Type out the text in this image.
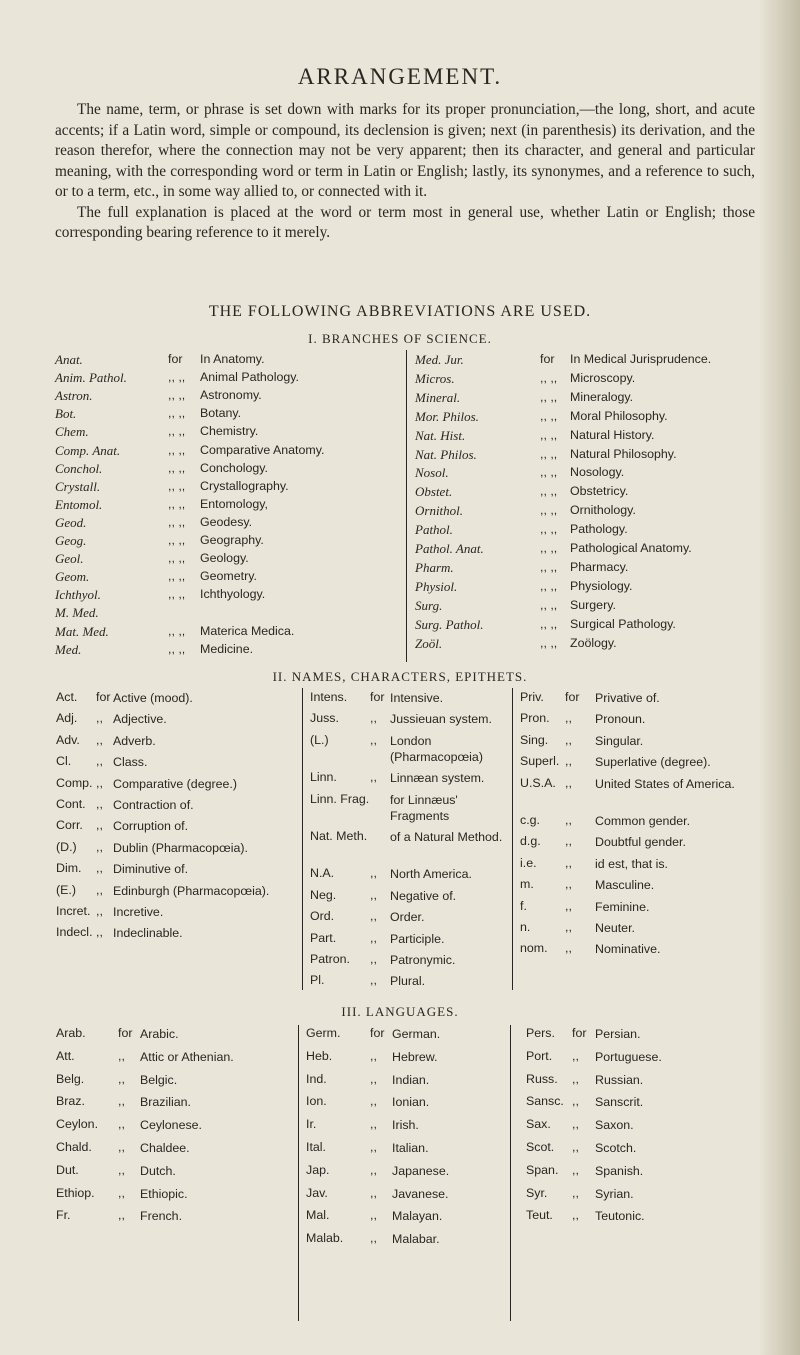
ARRANGEMENT.

The name, term, or phrase is set down with marks for its proper pronunciation,—the long, short, and acute accents; if a Latin word, simple or compound, its declension is given; next (in parenthesis) its derivation, and the reason therefor, where the connection may not be very apparent; then its character, and general and particular meaning, with the corresponding word or term in Latin or English; lastly, its synonymes, and a reference to such, or to a term, etc., in some way allied to, or connected with it.

The full explanation is placed at the word or term most in general use, whether Latin or English; those corresponding bearing reference to it merely.

THE FOLLOWING ABBREVIATIONS ARE USED.
I. BRANCHES OF SCIENCE.
Anat.	for In Anatomy.
Anim. Pathol.	,, ,, Animal Pathology.
Astron.	,, ,, Astronomy.
Bot.	,, ,, Botany.
Chem.	,, ,, Chemistry.
Comp. Anat.	,, ,, Comparative Anatomy.
Conchol.	,, ,, Conchology.
Crystall.	,, ,, Crystallography.
Entomol.	,, ,, Entomology,
Geod.	,, ,, Geodesy.
Geog.	,, ,, Geography.
Geol.	,, ,, Geology.
Geom.	,, ,, Geometry.
Ichthyol.	,, ,, Ichthyology.
M. Med.
Mat. Med.	,, ,, Materica Medica.
Med.	,, ,, Medicine.
Med. Jur.	for In Medical Jurisprudence.
Micros.	,, ,, Microscopy.
Mineral.	,, ,, Mineralogy.
Mor. Philos.	,, ,, Moral Philosophy.
Nat. Hist.	,, ,, Natural History.
Nat. Philos.	,, ,, Natural Philosophy.
Nosol.	,, ,, Nosology.
Obstet.	,, ,, Obstetricy.
Ornithol.	,, ,, Ornithology.
Pathol.	,, ,, Pathology.
Pathol. Anat.	,, ,, Pathological Anatomy.
Pharm.	,, ,, Pharmacy.
Physiol.	,, ,, Physiology.
Surg.	,, ,, Surgery.
Surg. Pathol.	,, ,, Surgical Pathology.
Zoöl.	,, ,, Zoölogy.
II. NAMES, CHARACTERS, EPITHETS.
Act. for Active (mood).
Adj. ,, Adjective.
Adv. ,, Adverb.
Cl. ,, Class.
Comp. ,, Comparative (degree.)
Cont. ,, Contraction of.
Corr. ,, Corruption of.
(D.) ,, Dublin (Pharmacopœia).
Dim. ,, Diminutive of.
(E.) ,, Edinburgh (Pharmacopœia).
Incret. ,, Incretive.
Indecl. ,, Indeclinable.
Intens. for Intensive.
Juss.	,, Jussieuan system.
(L.)	,, London (Pharmacopœia)
Linn.	,, Linnæan system.
Linn. Frag. for Linnæus' Fragments
Nat. Meth. of a Natural Method.
N.A.	,, North America.
Neg.	,, Negative of.
Ord.	,, Order.
Part.	,, Participle.
Patron. ,, Patronymic.
Pl.	,, Plural.
Priv. for Privative of.
Pron. ,, Pronoun.
Sing. ,, Singular.
Superl. ,, Superlative (degree).
U.S.A. ,, United States of America.
c.g. ,, Common gender.
d.g. ,, Doubtful gender.
i.e. ,, id est, that is.
m.	,, Masculine.
f.	,, Feminine.
n.	,, Neuter.
nom. ,, Nominative.
III. LANGUAGES.
Arab.	for Arabic.
Att.	,, Attic or Athenian.
Belg.	,, Belgic.
Braz.	,, Brazilian.
Ceylon. ,, Ceylonese.
Chald. ,, Chaldee.
Dut.	,, Dutch.
Ethiop. ,, Ethiopic.
Fr.	,, French.
Germ. for German.
Heb.	,, Hebrew.
Ind.	,, Indian.
Ion.	,, Ionian.
Ir.	,, Irish.
Ital.	,, Italian.
Jap.	,, Japanese.
Jav.	,, Javanese.
Mal.	,, Malayan.
Malab. ,, Malabar.
Pers. for Persian.
Port. ,, Portuguese.
Russ. ,, Russian.
Sansc. ,, Sanscrit.
Sax. ,, Saxon.
Scot. ,, Scotch.
Span. ,, Spanish.
Syr. ,, Syrian.
Teut. ,, Teutonic.
